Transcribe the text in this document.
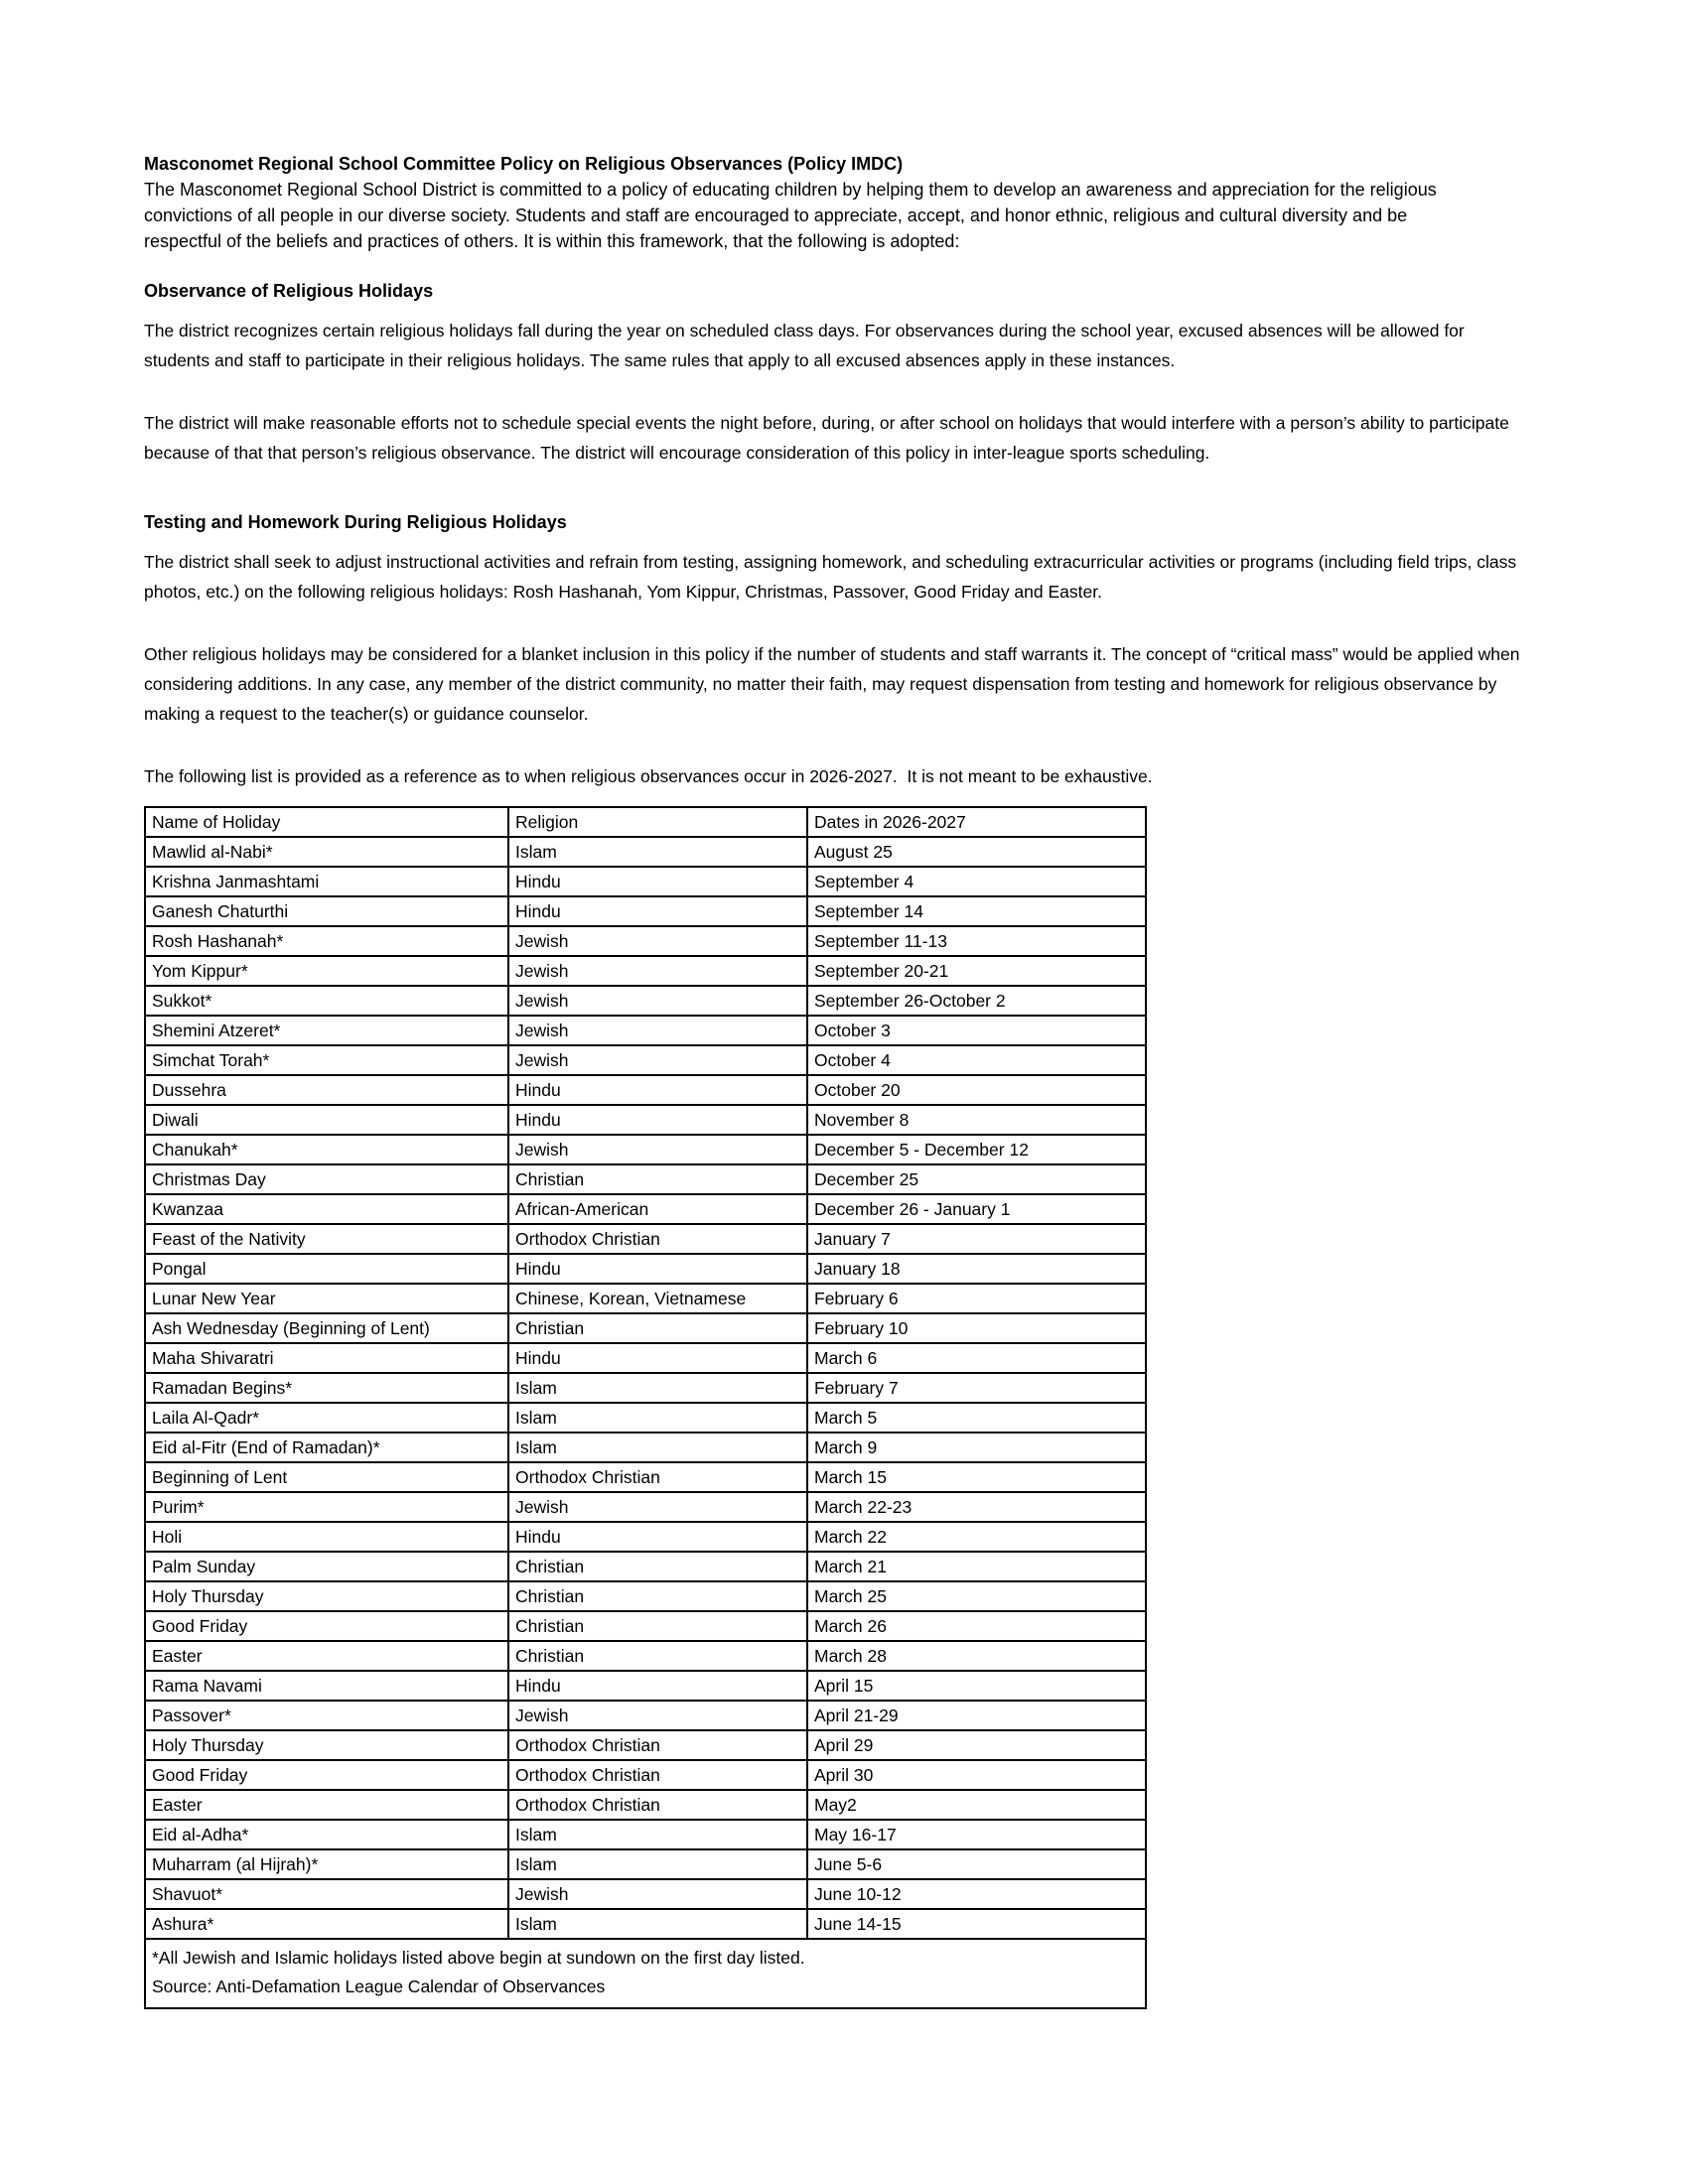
Masconomet Regional School Committee Policy on Religious Observances (Policy IMDC)
The Masconomet Regional School District is committed to a policy of educating children by helping them to develop an awareness and appreciation for the religious convictions of all people in our diverse society. Students and staff are encouraged to appreciate, accept, and honor ethnic, religious and cultural diversity and be respectful of the beliefs and practices of others. It is within this framework, that the following is adopted:
Observance of Religious Holidays
The district recognizes certain religious holidays fall during the year on scheduled class days. For observances during the school year, excused absences will be allowed for students and staff to participate in their religious holidays. The same rules that apply to all excused absences apply in these instances.
The district will make reasonable efforts not to schedule special events the night before, during, or after school on holidays that would interfere with a person’s ability to participate because of that that person’s religious observance. The district will encourage consideration of this policy in inter-league sports scheduling.
Testing and Homework During Religious Holidays
The district shall seek to adjust instructional activities and refrain from testing, assigning homework, and scheduling extracurricular activities or programs (including field trips, class photos, etc.) on the following religious holidays: Rosh Hashanah, Yom Kippur, Christmas, Passover, Good Friday and Easter.
Other religious holidays may be considered for a blanket inclusion in this policy if the number of students and staff warrants it. The concept of “critical mass” would be applied when considering additions. In any case, any member of the district community, no matter their faith, may request dispensation from testing and homework for religious observance by making a request to the teacher(s) or guidance counselor.
The following list is provided as a reference as to when religious observances occur in 2026-2027.  It is not meant to be exhaustive.
Name of Holiday	Religion	Dates in 2026-2027
Mawlid al-Nabi*	Islam	August 25
Krishna Janmashtami	Hindu	September 4
Ganesh Chaturthi	Hindu	September 14
Rosh Hashanah*	Jewish	September 11-13
Yom Kippur*	Jewish	September 20-21
Sukkot*	Jewish	September 26-October 2
Shemini Atzeret*	Jewish	October 3
Simchat Torah*	Jewish	October 4
Dussehra	Hindu	October 20
Diwali	Hindu	November 8
Chanukah*	Jewish	December 5 - December 12
Christmas Day	Christian	December 25
Kwanzaa	African-American	December 26 - January 1
Feast of the Nativity	Orthodox Christian	January 7
Pongal	Hindu	January 18
Lunar New Year	Chinese, Korean, Vietnamese	February 6
Ash Wednesday (Beginning of Lent)	Christian	February 10
Maha Shivaratri	Hindu	March 6
Ramadan Begins*	Islam	February 7
Laila Al-Qadr*	Islam	March 5
Eid al-Fitr (End of Ramadan)*	Islam	March 9
Beginning of Lent	Orthodox Christian	March 15
Purim*	Jewish	March 22-23
Holi	Hindu	March 22
Palm Sunday	Christian	March 21
Holy Thursday	Christian	March 25
Good Friday	Christian	March 26
Easter	Christian	March 28
Rama Navami	Hindu	April 15
Passover*	Jewish	April 21-29
Holy Thursday	Orthodox Christian	April 29
Good Friday	Orthodox Christian	April 30
Easter	Orthodox Christian	May2
Eid al-Adha*	Islam	May 16-17
Muharram (al Hijrah)*	Islam	June 5-6
Shavuot*	Jewish	June 10-12
Ashura*	Islam	June 14-15

*All Jewish and Islamic holidays listed above begin at sundown on the first day listed.
Source: Anti-Defamation League Calendar of Observances		
